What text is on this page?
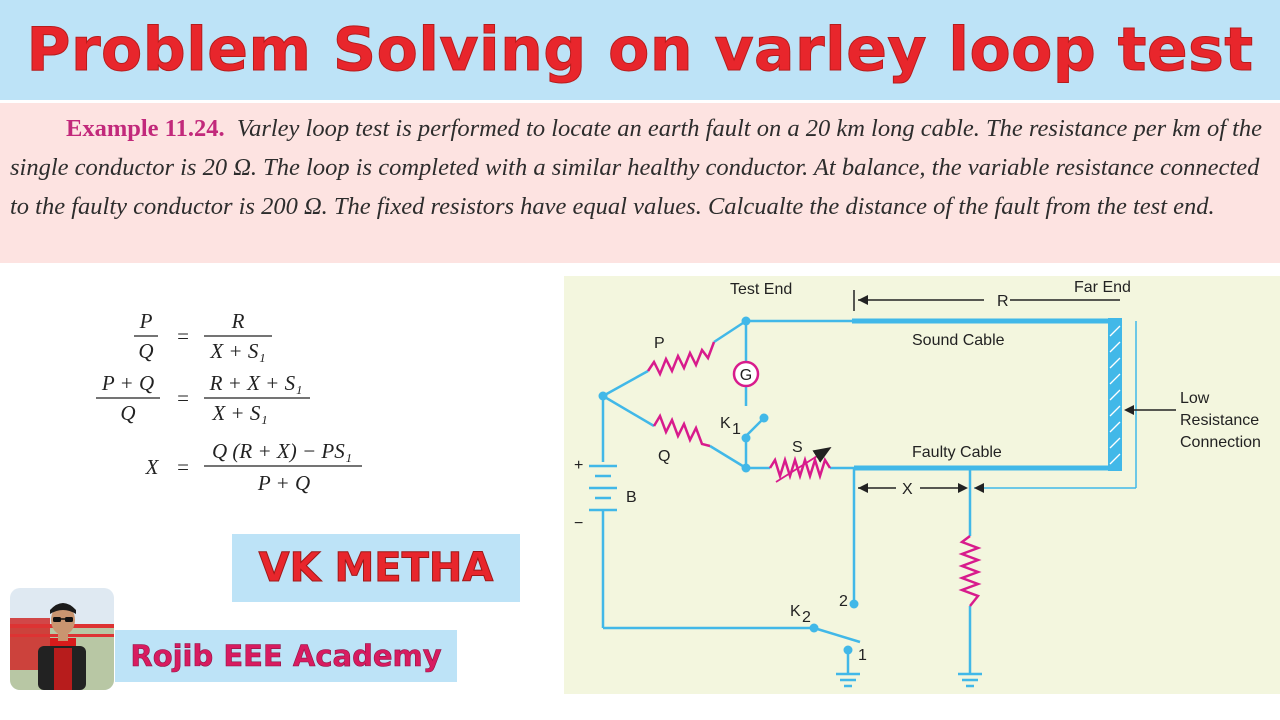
Problem Solving on varley loop test

Example 11.24. Varley loop test is performed to locate an earth fault on a 20 km long cable. The resistance per km of the single conductor is 20 Ω. The loop is completed with a similar healthy conductor. At balance, the variable resistance connected to the faulty conductor is 200 Ω. The fixed resistors have equal values. Calcualte the distance of the fault from the test end.

P
Q
=
R
X + S₁
P + Q
Q
=
R + X + S₁
X + S₁
X =
Q (R + X) − PS₁
P + Q
VK METHA
Rojib EEE Academy
G
Test End	Far End
R
Sound Cable
Faulty Cable
Low
Resistance
Connection
P
Q
S
K 1
K 2
B	X
+
−
1
2
